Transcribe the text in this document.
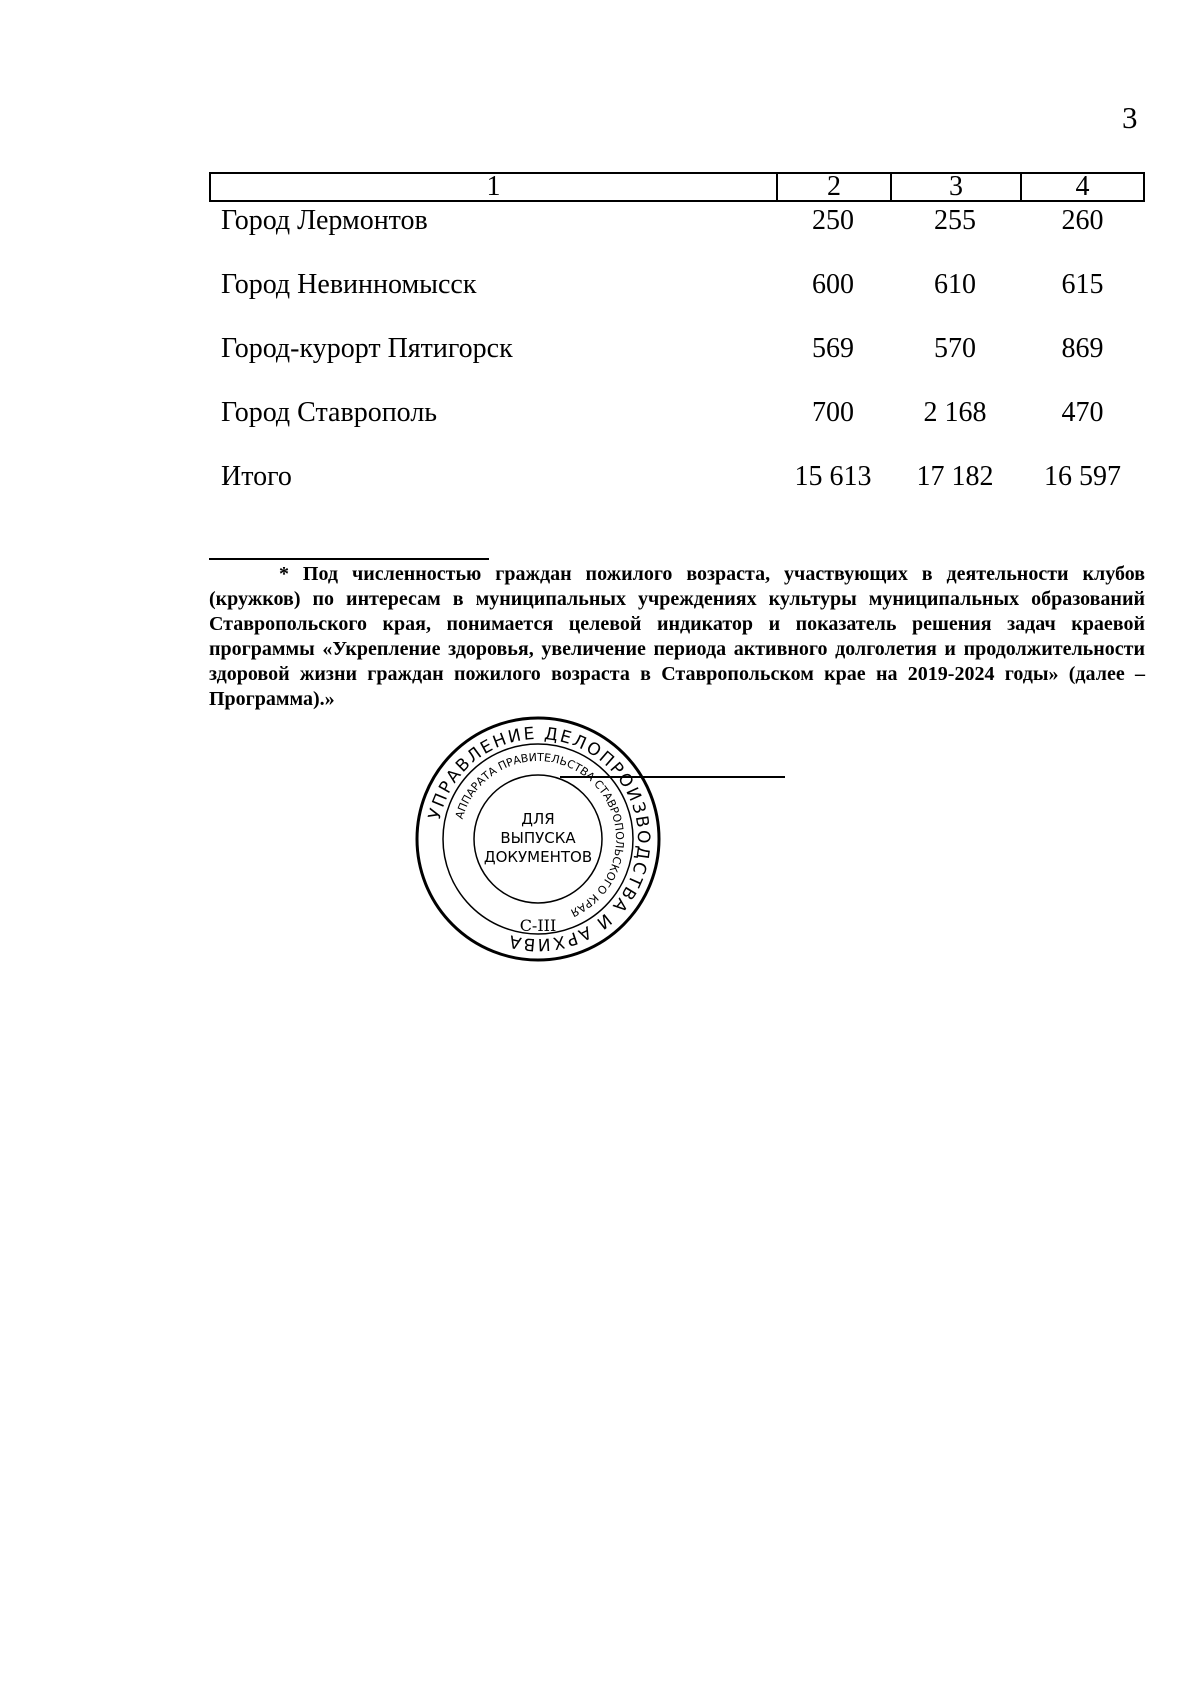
3
1	2	3	4
Город Лермонтов	250	255	260
Город Невинномысск	600	610	615
Город-курорт Пятигорск	569	570	869
Город Ставрополь	700	2 168	470
Итого	15 613	17 182	16 597
* Под численностью граждан пожилого возраста, участвующих в деятельности клубов (кружков) по интересам в муниципальных учреждениях культуры муниципальных образований Ставропольского края, понимается целевой индикатор и показатель решения задач краевой программы «Укрепление здоровья, увеличение периода активного долголетия и продолжительности здоровой жизни граждан пожилого возраста в Ставропольском крае на 2019-2024 годы» (далее – Программа).»
УПРАВЛЕНИЕ ДЕЛОПРОИЗВОДСТВА И АРХИВА
АППАРАТА ПРАВИТЕЛЬСТВА СТАВРОПОЛЬСКОГО КРАЯ
ДЛЯ
ВЫПУСКА
ДОКУМЕНТОВ
С-III
